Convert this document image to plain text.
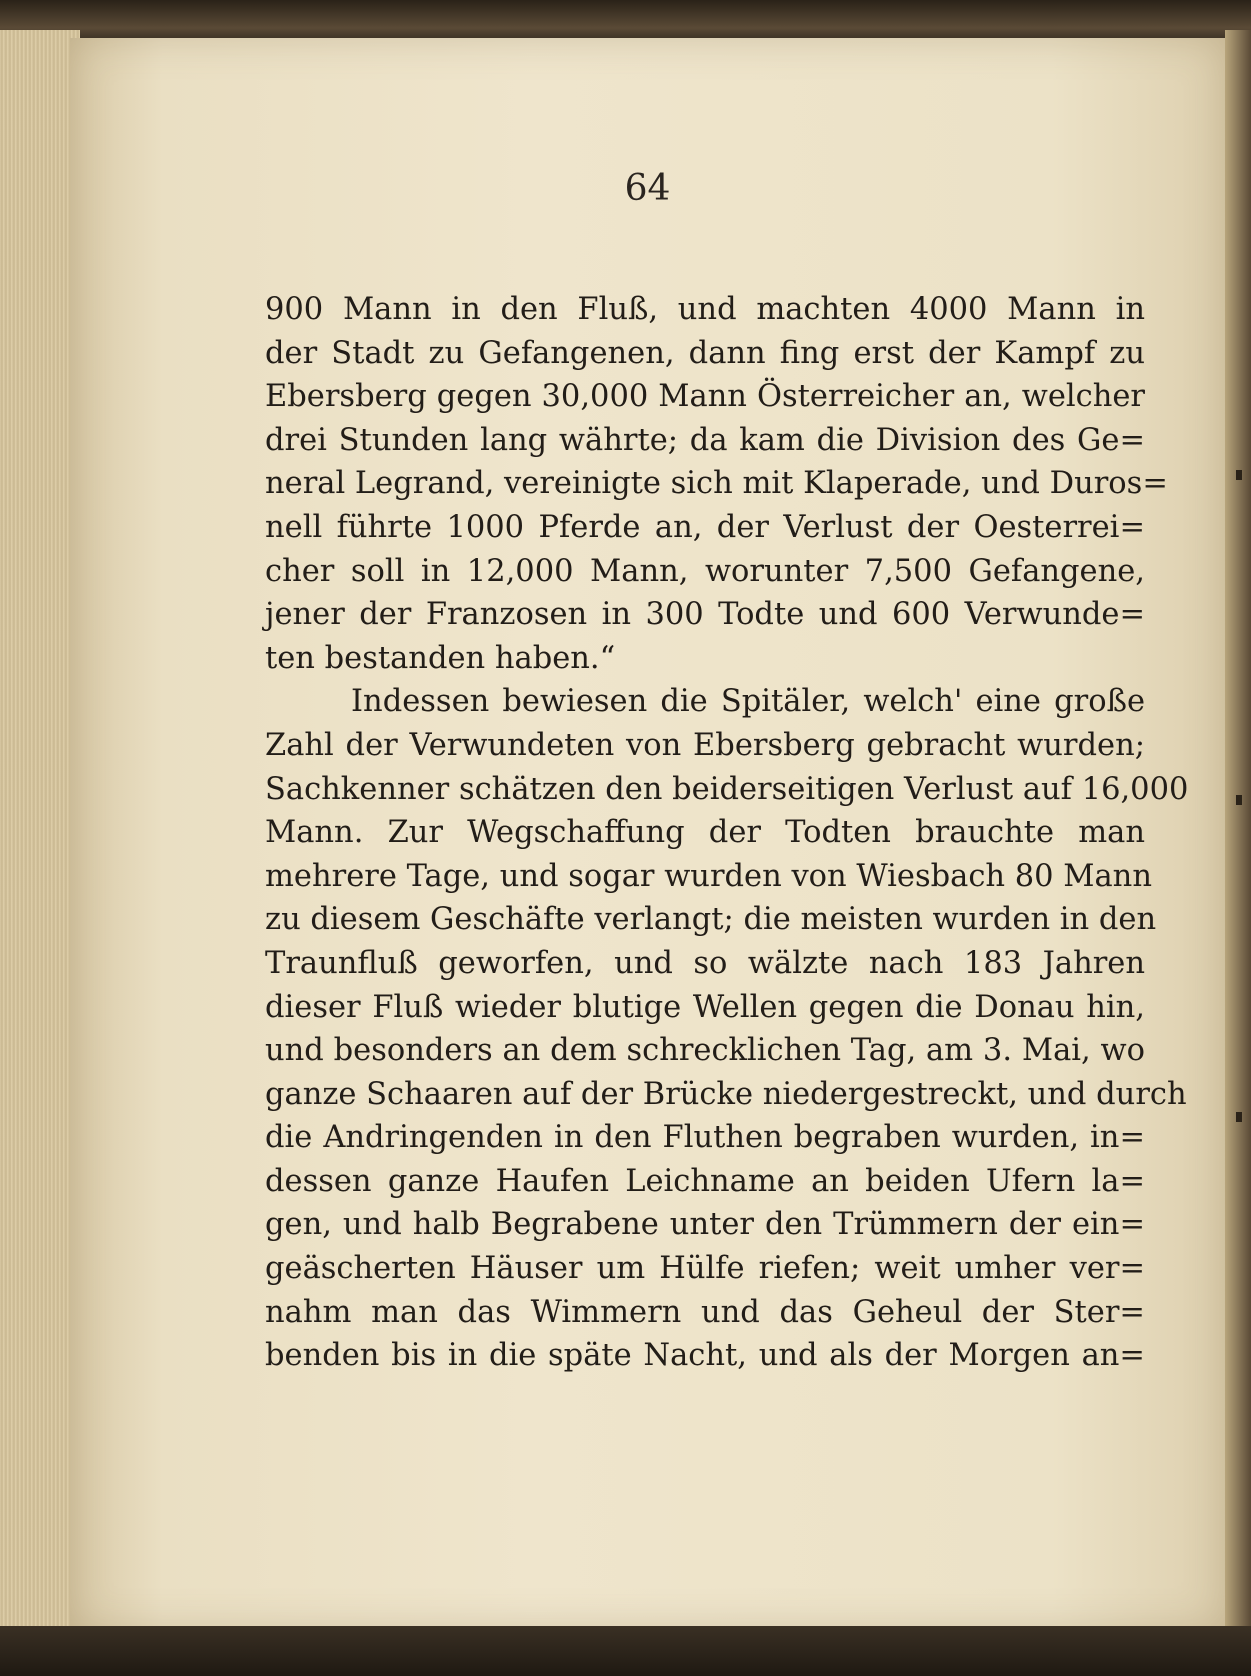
64
900 Mann in den Fluß, und machten 4000 Mann in
der Stadt zu Gefangenen, dann fing erst der Kampf zu
Ebersberg gegen 30,000 Mann Österreicher an, welcher
drei Stunden lang währte; da kam die Division des Ge=
neral Legrand, vereinigte sich mit Klaperade, und Duros=
nell führte 1000 Pferde an, der Verlust der Oesterrei=
cher soll in 12,000 Mann, worunter 7,500 Gefangene,
jener der Franzosen in 300 Todte und 600 Verwunde=
ten bestanden haben.“
Indessen bewiesen die Spitäler, welch' eine große
Zahl der Verwundeten von Ebersberg gebracht wurden;
Sachkenner schätzen den beiderseitigen Verlust auf 16,000
Mann. Zur Wegschaffung der Todten brauchte man
mehrere Tage, und sogar wurden von Wiesbach 80 Mann
zu diesem Geschäfte verlangt; die meisten wurden in den
Traunfluß geworfen, und so wälzte nach 183 Jahren
dieser Fluß wieder blutige Wellen gegen die Donau hin,
und besonders an dem schrecklichen Tag, am 3. Mai, wo
ganze Schaaren auf der Brücke niedergestreckt, und durch
die Andringenden in den Fluthen begraben wurden, in=
dessen ganze Haufen Leichname an beiden Ufern la=
gen, und halb Begrabene unter den Trümmern der ein=
geäscherten Häuser um Hülfe riefen; weit umher ver=
nahm man das Wimmern und das Geheul der Ster=
benden bis in die späte Nacht, und als der Morgen an=
